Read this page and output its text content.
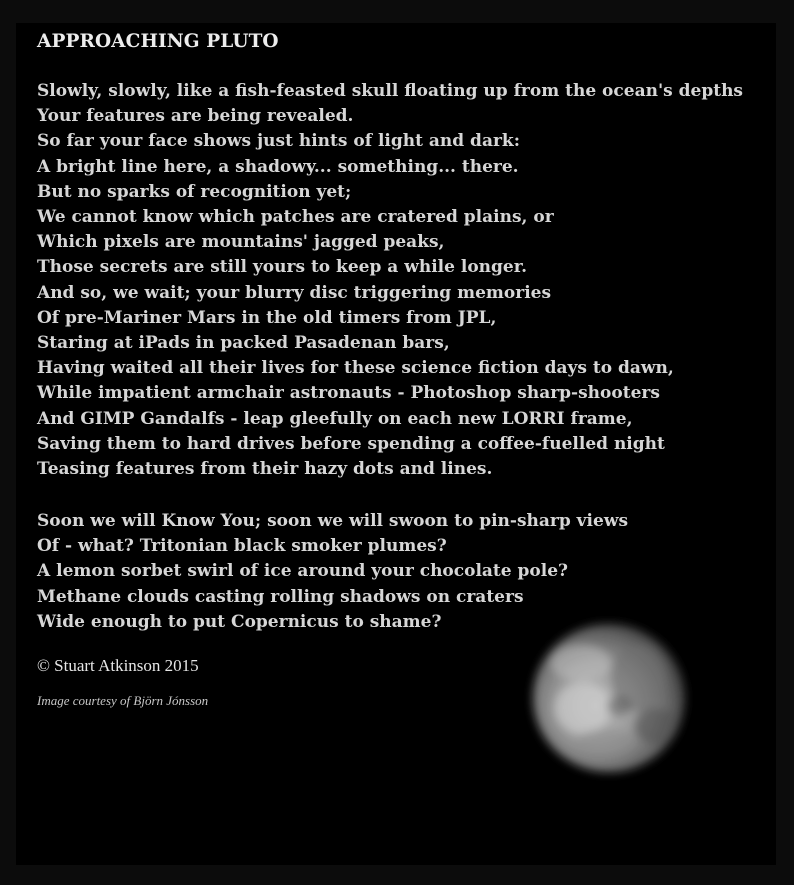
APPROACHING PLUTO
Slowly, slowly, like a fish-feasted skull floating up from the ocean's depths
Your features are being revealed.
So far your face shows just hints of light and dark:
A bright line here, a shadowy... something... there.
But no sparks of recognition yet;
We cannot know which patches are cratered plains, or
Which pixels are mountains' jagged peaks,
Those secrets are still yours to keep a while longer.
And so, we wait; your blurry disc triggering memories
Of pre-Mariner Mars in the old timers from JPL,
Staring at iPads in packed Pasadenan bars,
Having waited all their lives for these science fiction days to dawn,
While impatient armchair astronauts - Photoshop sharp-shooters
And GIMP Gandalfs - leap gleefully on each new LORRI frame,
Saving them to hard drives before spending a coffee-fuelled night
Teasing features from their hazy dots and lines.
Soon we will Know You; soon we will swoon to pin-sharp views
Of - what? Tritonian black smoker plumes?
A lemon sorbet swirl of ice around your chocolate pole?
Methane clouds casting rolling shadows on craters
Wide enough to put Copernicus to shame?

© Stuart Atkinson 2015

Image courtesy of Björn Jónsson
